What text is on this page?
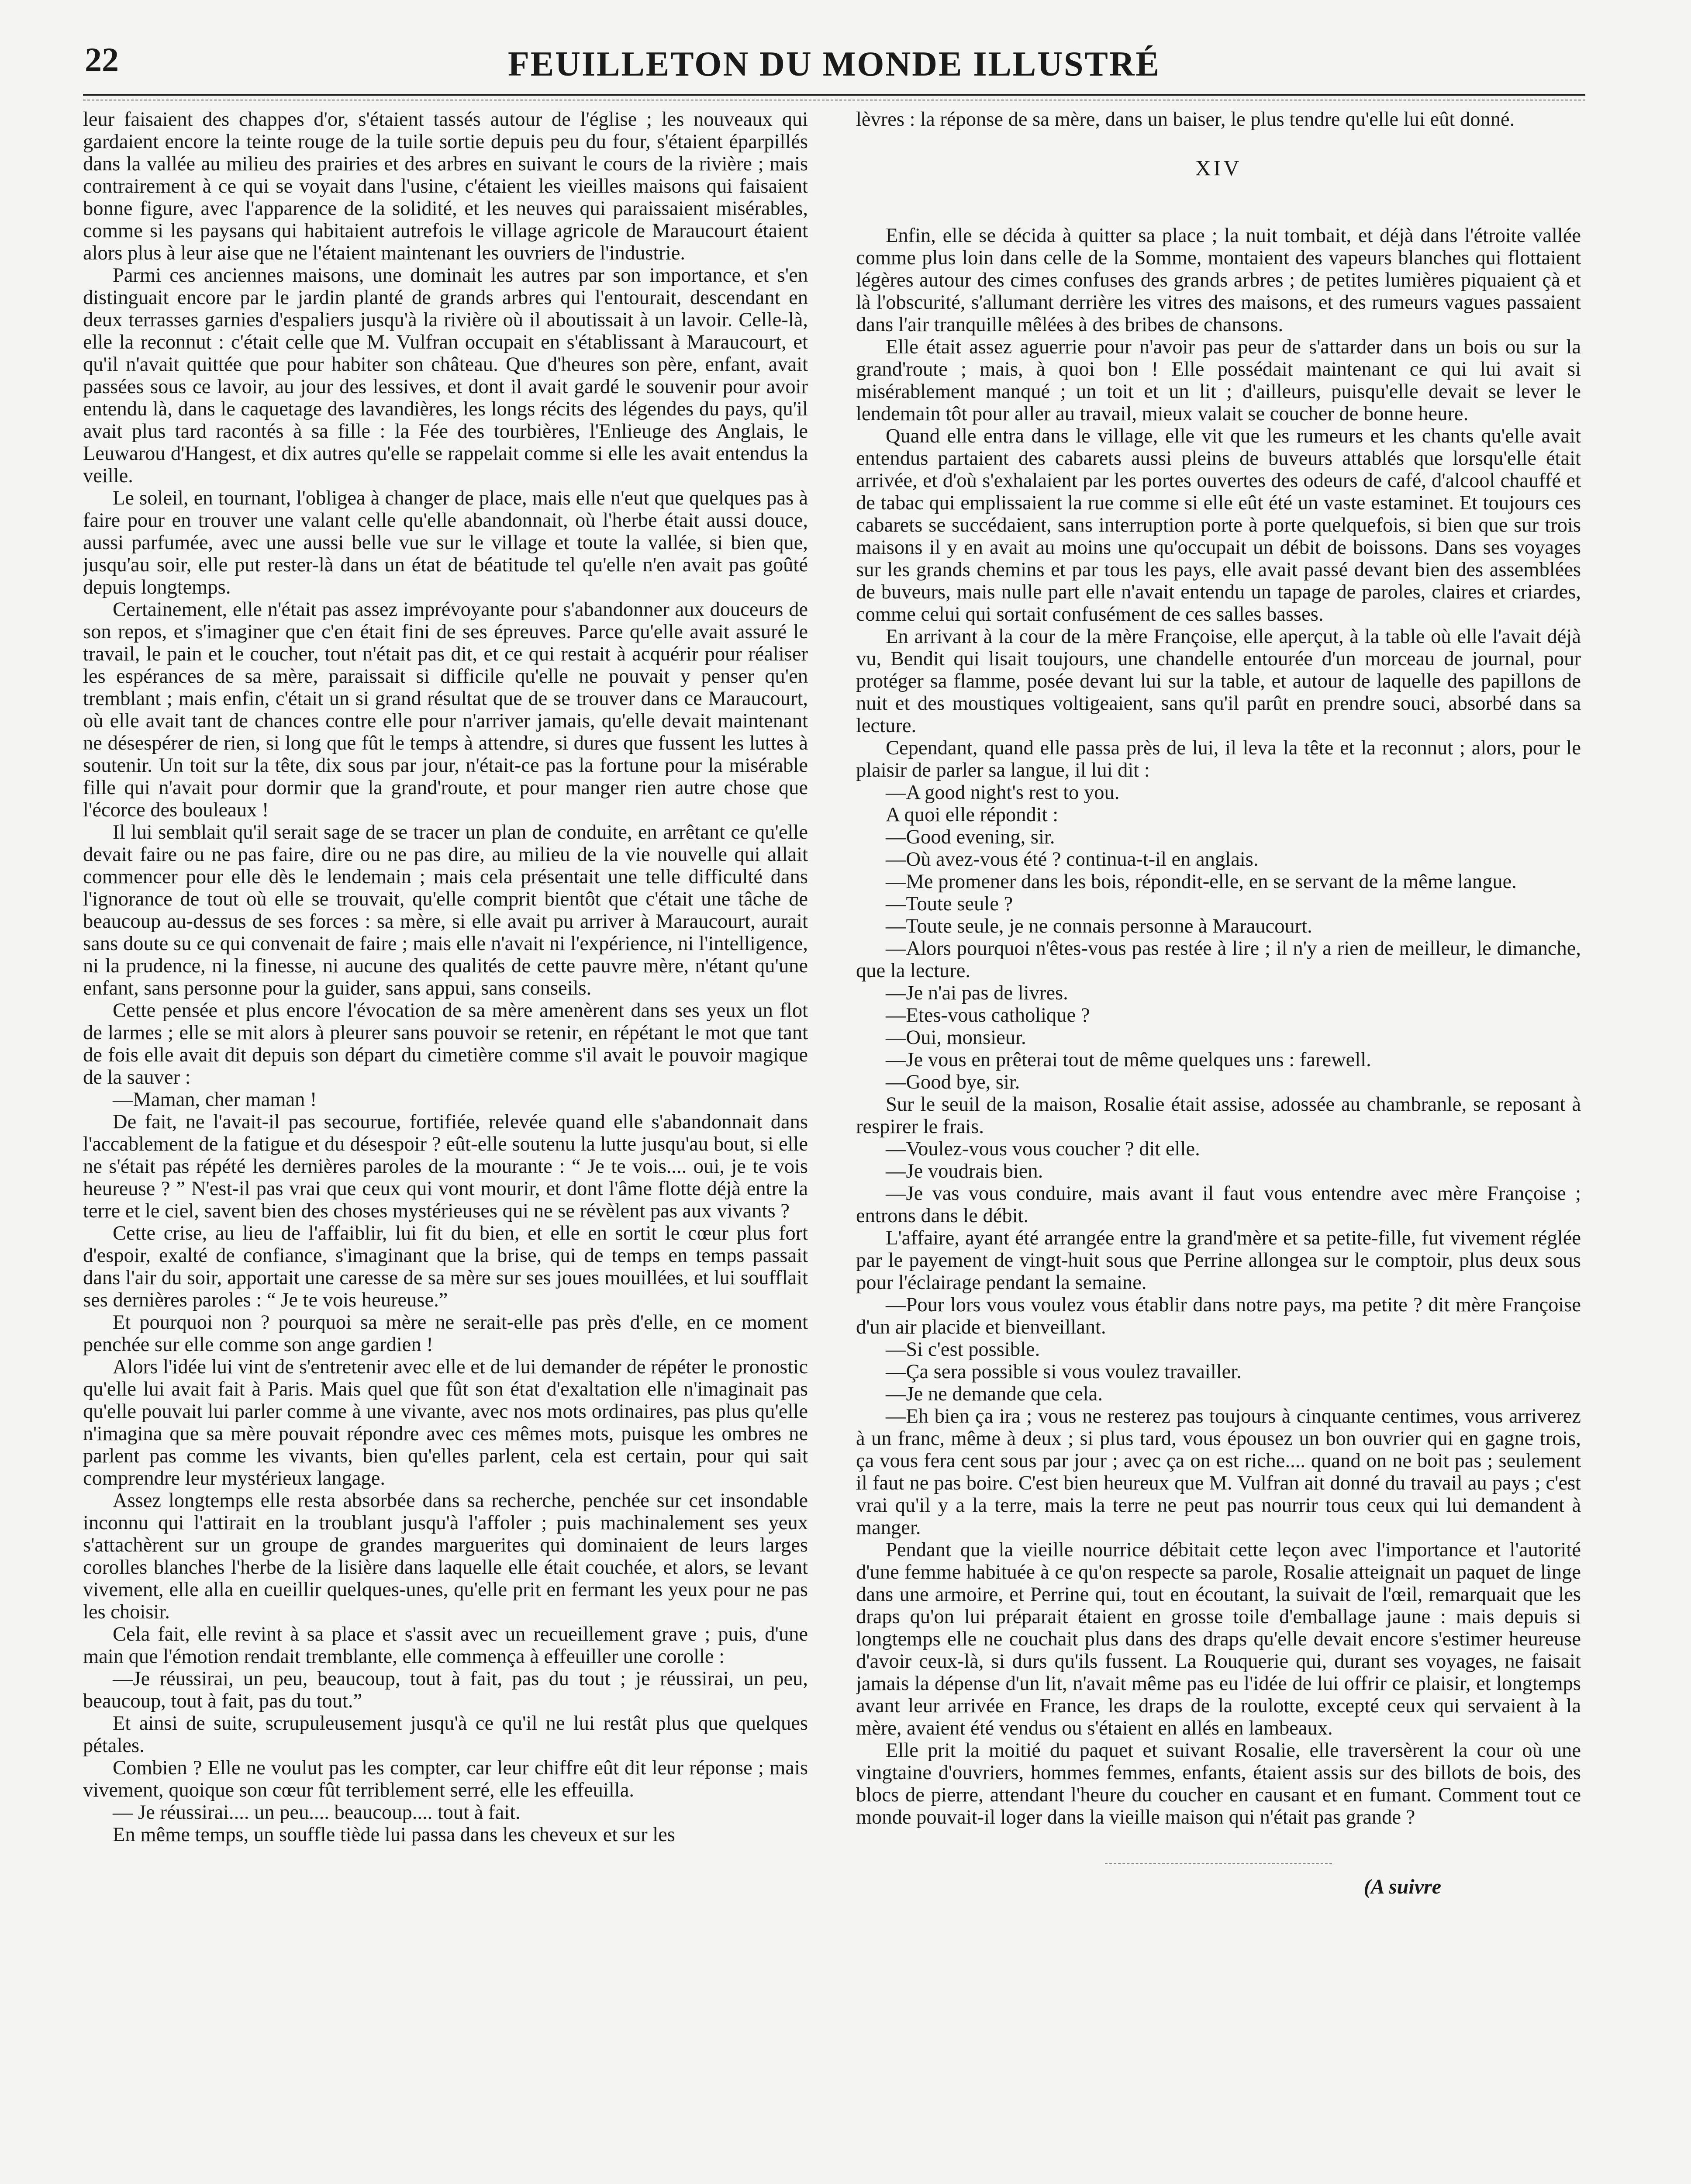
22	FEUILLETON DU MONDE ILLUSTRÉ

leur faisaient des chappes d'or, s'étaient tassés autour de l'église ; les nouveaux qui gardaient encore la teinte rouge de la tuile sortie depuis peu du four, s'étaient éparpillés dans la vallée au milieu des prairies et des arbres en suivant le cours de la rivière ; mais contrairement à ce qui se voyait dans l'usine, c'étaient les vieilles maisons qui faisaient bonne figure, avec l'apparence de la solidité, et les neuves qui paraissaient misérables, comme si les paysans qui habitaient autrefois le village agricole de Maraucourt étaient alors plus à leur aise que ne l'étaient maintenant les ouvriers de l'industrie.

Parmi ces anciennes maisons, une dominait les autres par son importance, et s'en distinguait encore par le jardin planté de grands arbres qui l'entourait, descendant en deux terrasses garnies d'espaliers jusqu'à la rivière où il aboutissait à un lavoir. Celle-là, elle la reconnut : c'était celle que M. Vulfran occupait en s'établissant à Maraucourt, et qu'il n'avait quittée que pour habiter son château. Que d'heures son père, enfant, avait passées sous ce lavoir, au jour des lessives, et dont il avait gardé le souvenir pour avoir entendu là, dans le caquetage des lavandières, les longs récits des légendes du pays, qu'il avait plus tard racontés à sa fille : la Fée des tourbières, l'Enlieuge des Anglais, le Leuwarou d'Hangest, et dix autres qu'elle se rappelait comme si elle les avait entendus la veille.

Le soleil, en tournant, l'obligea à changer de place, mais elle n'eut que quelques pas à faire pour en trouver une valant celle qu'elle abandonnait, où l'herbe était aussi douce, aussi parfumée, avec une aussi belle vue sur le village et toute la vallée, si bien que, jusqu'au soir, elle put rester-là dans un état de béatitude tel qu'elle n'en avait pas goûté depuis longtemps.

Certainement, elle n'était pas assez imprévoyante pour s'abandonner aux douceurs de son repos, et s'imaginer que c'en était fini de ses épreuves. Parce qu'elle avait assuré le travail, le pain et le coucher, tout n'était pas dit, et ce qui restait à acquérir pour réaliser les espérances de sa mère, paraissait si difficile qu'elle ne pouvait y penser qu'en tremblant ; mais enfin, c'était un si grand résultat que de se trouver dans ce Maraucourt, où elle avait tant de chances contre elle pour n'arriver jamais, qu'elle devait maintenant ne désespérer de rien, si long que fût le temps à attendre, si dures que fussent les luttes à soutenir. Un toit sur la tête, dix sous par jour, n'était-ce pas la fortune pour la misérable fille qui n'avait pour dormir que la grand'route, et pour manger rien autre chose que l'écorce des bouleaux !

Il lui semblait qu'il serait sage de se tracer un plan de conduite, en arrêtant ce qu'elle devait faire ou ne pas faire, dire ou ne pas dire, au milieu de la vie nouvelle qui allait commencer pour elle dès le lendemain ; mais cela présentait une telle difficulté dans l'ignorance de tout où elle se trouvait, qu'elle comprit bientôt que c'était une tâche de beaucoup au-dessus de ses forces : sa mère, si elle avait pu arriver à Maraucourt, aurait sans doute su ce qui convenait de faire ; mais elle n'avait ni l'expérience, ni l'intelligence, ni la prudence, ni la finesse, ni aucune des qualités de cette pauvre mère, n'étant qu'une enfant, sans personne pour la guider, sans appui, sans conseils.

Cette pensée et plus encore l'évocation de sa mère amenèrent dans ses yeux un flot de larmes ; elle se mit alors à pleurer sans pouvoir se retenir, en répétant le mot que tant de fois elle avait dit depuis son départ du cimetière comme s'il avait le pouvoir magique de la sauver :

—Maman, cher maman !

De fait, ne l'avait-il pas secourue, fortifiée, relevée quand elle s'abandonnait dans l'accablement de la fatigue et du désespoir ? eût-elle soutenu la lutte jusqu'au bout, si elle ne s'était pas répété les dernières paroles de la mourante : “ Je te vois.... oui, je te vois heureuse ? ” N'est-il pas vrai que ceux qui vont mourir, et dont l'âme flotte déjà entre la terre et le ciel, savent bien des choses mystérieuses qui ne se révèlent pas aux vivants ?

Cette crise, au lieu de l'affaiblir, lui fit du bien, et elle en sortit le cœur plus fort d'espoir, exalté de confiance, s'imaginant que la brise, qui de temps en temps passait dans l'air du soir, apportait une caresse de sa mère sur ses joues mouillées, et lui soufflait ses dernières paroles : “ Je te vois heureuse.”

Et pourquoi non ? pourquoi sa mère ne serait-elle pas près d'elle, en ce moment penchée sur elle comme son ange gardien !

Alors l'idée lui vint de s'entretenir avec elle et de lui demander de répéter le pronostic qu'elle lui avait fait à Paris. Mais quel que fût son état d'exaltation elle n'imaginait pas qu'elle pouvait lui parler comme à une vivante, avec nos mots ordinaires, pas plus qu'elle n'imagina que sa mère pouvait répondre avec ces mêmes mots, puisque les ombres ne parlent pas comme les vivants, bien qu'elles parlent, cela est certain, pour qui sait comprendre leur mystérieux langage.

Assez longtemps elle resta absorbée dans sa recherche, penchée sur cet insondable inconnu qui l'attirait en la troublant jusqu'à l'affoler ; puis machinalement ses yeux s'attachèrent sur un groupe de grandes marguerites qui dominaient de leurs larges corolles blanches l'herbe de la lisière dans laquelle elle était couchée, et alors, se levant vivement, elle alla en cueillir quelques-unes, qu'elle prit en fermant les yeux pour ne pas les choisir.

Cela fait, elle revint à sa place et s'assit avec un recueillement grave ; puis, d'une main que l'émotion rendait tremblante, elle commença à effeuiller une corolle :

—Je réussirai, un peu, beaucoup, tout à fait, pas du tout ; je réussirai, un peu, beaucoup, tout à fait, pas du tout.”

Et ainsi de suite, scrupuleusement jusqu'à ce qu'il ne lui restât plus que quelques pétales.

Combien ? Elle ne voulut pas les compter, car leur chiffre eût dit leur réponse ; mais vivement, quoique son cœur fût terriblement serré, elle les effeuilla.

— Je réussirai.... un peu.... beaucoup.... tout à fait.

En même temps, un souffle tiède lui passa dans les cheveux et sur les

lèvres : la réponse de sa mère, dans un baiser, le plus tendre qu'elle lui eût donné.

XIV

Enfin, elle se décida à quitter sa place ; la nuit tombait, et déjà dans l'étroite vallée comme plus loin dans celle de la Somme, montaient des vapeurs blanches qui flottaient légères autour des cimes confuses des grands arbres ; de petites lumières piquaient çà et là l'obscurité, s'allumant derrière les vitres des maisons, et des rumeurs vagues passaient dans l'air tranquille mêlées à des bribes de chansons.

Elle était assez aguerrie pour n'avoir pas peur de s'attarder dans un bois ou sur la grand'route ; mais, à quoi bon ! Elle possédait maintenant ce qui lui avait si misérablement manqué ; un toit et un lit ; d'ailleurs, puisqu'elle devait se lever le lendemain tôt pour aller au travail, mieux valait se coucher de bonne heure.

Quand elle entra dans le village, elle vit que les rumeurs et les chants qu'elle avait entendus partaient des cabarets aussi pleins de buveurs attablés que lorsqu'elle était arrivée, et d'où s'exhalaient par les portes ouvertes des odeurs de café, d'alcool chauffé et de tabac qui emplissaient la rue comme si elle eût été un vaste estaminet. Et toujours ces cabarets se succédaient, sans interruption porte à porte quelquefois, si bien que sur trois maisons il y en avait au moins une qu'occupait un débit de boissons. Dans ses voyages sur les grands chemins et par tous les pays, elle avait passé devant bien des assemblées de buveurs, mais nulle part elle n'avait entendu un tapage de paroles, claires et criardes, comme celui qui sortait confusément de ces salles basses.

En arrivant à la cour de la mère Françoise, elle aperçut, à la table où elle l'avait déjà vu, Bendit qui lisait toujours, une chandelle entourée d'un morceau de journal, pour protéger sa flamme, posée devant lui sur la table, et autour de laquelle des papillons de nuit et des moustiques voltigeaient, sans qu'il parût en prendre souci, absorbé dans sa lecture.

Cependant, quand elle passa près de lui, il leva la tête et la reconnut ; alors, pour le plaisir de parler sa langue, il lui dit :

—A good night's rest to you.

A quoi elle répondit :

—Good evening, sir.

—Où avez-vous été ? continua-t-il en anglais.

—Me promener dans les bois, répondit-elle, en se servant de la même langue.

—Toute seule ?

—Toute seule, je ne connais personne à Maraucourt.

—Alors pourquoi n'êtes-vous pas restée à lire ; il n'y a rien de meilleur, le dimanche, que la lecture.

—Je n'ai pas de livres.

—Etes-vous catholique ?

—Oui, monsieur.

—Je vous en prêterai tout de même quelques uns : farewell.

—Good bye, sir.

Sur le seuil de la maison, Rosalie était assise, adossée au chambranle, se reposant à respirer le frais.

—Voulez-vous vous coucher ? dit elle.

—Je voudrais bien.

—Je vas vous conduire, mais avant il faut vous entendre avec mère Françoise ; entrons dans le débit.

L'affaire, ayant été arrangée entre la grand'mère et sa petite-fille, fut vivement réglée par le payement de vingt-huit sous que Perrine allongea sur le comptoir, plus deux sous pour l'éclairage pendant la semaine.

—Pour lors vous voulez vous établir dans notre pays, ma petite ? dit mère Françoise d'un air placide et bienveillant.

—Si c'est possible.

—Ça sera possible si vous voulez travailler.

—Je ne demande que cela.

—Eh bien ça ira ; vous ne resterez pas toujours à cinquante centimes, vous arriverez à un franc, même à deux ; si plus tard, vous épousez un bon ouvrier qui en gagne trois, ça vous fera cent sous par jour ; avec ça on est riche.... quand on ne boit pas ; seulement il faut ne pas boire. C'est bien heureux que M. Vulfran ait donné du travail au pays ; c'est vrai qu'il y a la terre, mais la terre ne peut pas nourrir tous ceux qui lui demandent à manger.

Pendant que la vieille nourrice débitait cette leçon avec l'importance et l'autorité d'une femme habituée à ce qu'on respecte sa parole, Rosalie atteignait un paquet de linge dans une armoire, et Perrine qui, tout en écoutant, la suivait de l'œil, remarquait que les draps qu'on lui préparait étaient en grosse toile d'emballage jaune : mais depuis si longtemps elle ne couchait plus dans des draps qu'elle devait encore s'estimer heureuse d'avoir ceux-là, si durs qu'ils fussent. La Rouquerie qui, durant ses voyages, ne faisait jamais la dépense d'un lit, n'avait même pas eu l'idée de lui offrir ce plaisir, et longtemps avant leur arrivée en France, les draps de la roulotte, excepté ceux qui servaient à la mère, avaient été vendus ou s'étaient en allés en lambeaux.

Elle prit la moitié du paquet et suivant Rosalie, elle traversèrent la cour où une vingtaine d'ouvriers, hommes femmes, enfants, étaient assis sur des billots de bois, des blocs de pierre, attendant l'heure du coucher en causant et en fumant. Comment tout ce monde pouvait-il loger dans la vieille maison qui n'était pas grande ?

(A suivre
